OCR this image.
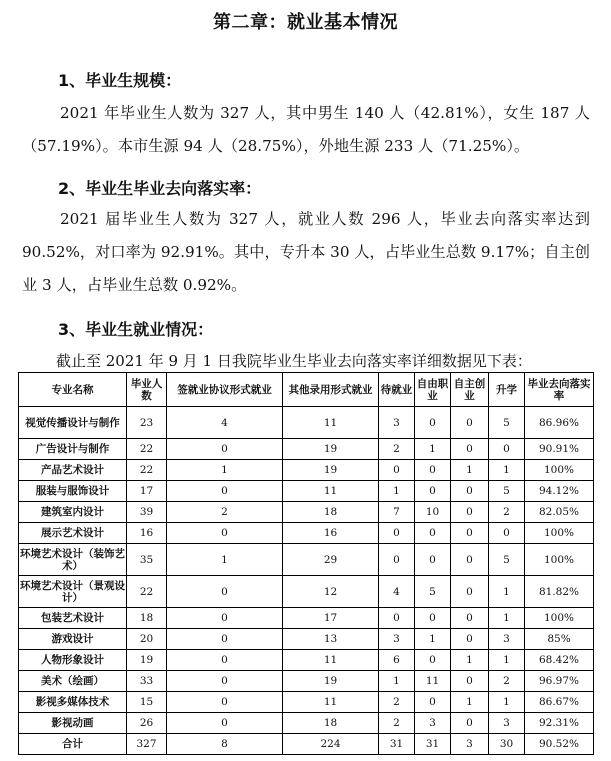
第二章：就业基本情况
1、毕业生规模：
2021 年毕业生人数为 327 人，其中男生 140 人（42.81%），女生 187 人（57.19%）。本市生源 94 人（28.75%），外地生源 233 人（71.25%）。
2、毕业生毕业去向落实率：
2021 届毕业生人数为 327 人，就业人数 296 人，毕业去向落实率达到 90.52%，对口率为 92.91%。其中，专升本 30 人，占毕业生总数 9.17%；自主创业 3 人，占毕业生总数 0.92%。
3、毕业生就业情况：
截止至 2021 年 9 月 1 日我院毕业生毕业去向落实率详细数据见下表：
专业名称	毕业人数	签就业协议形式就业	其他录用形式就业	待就业	自由职业	自主创业	升学	毕业去向落实率
视觉传播设计与制作	23	4	11	3	0	0	5	86.96%
广告设计与制作	22	0	19	2	1	0	0	90.91%
产品艺术设计	22	1	19	0	0	1	1	100%
服装与服饰设计	17	0	11	1	0	0	5	94.12%
建筑室内设计	39	2	18	7	10	0	2	82.05%
展示艺术设计	16	0	16	0	0	0	0	100%
环境艺术设计（装饰艺术）	35	1	29	0	0	0	5	100%
环境艺术设计（景观设计）	22	0	12	4	5	0	1	81.82%
包装艺术设计	18	0	17	0	0	0	1	100%
游戏设计	20	0	13	3	1	0	3	85%
人物形象设计	19	0	11	6	0	1	1	68.42%
美术（绘画）	33	0	19	1	11	0	2	96.97%
影视多媒体技术	15	0	11	2	0	1	1	86.67%
影视动画	26	0	18	2	3	0	3	92.31%
合计	327	8	224	31	31	3	30	90.52%
